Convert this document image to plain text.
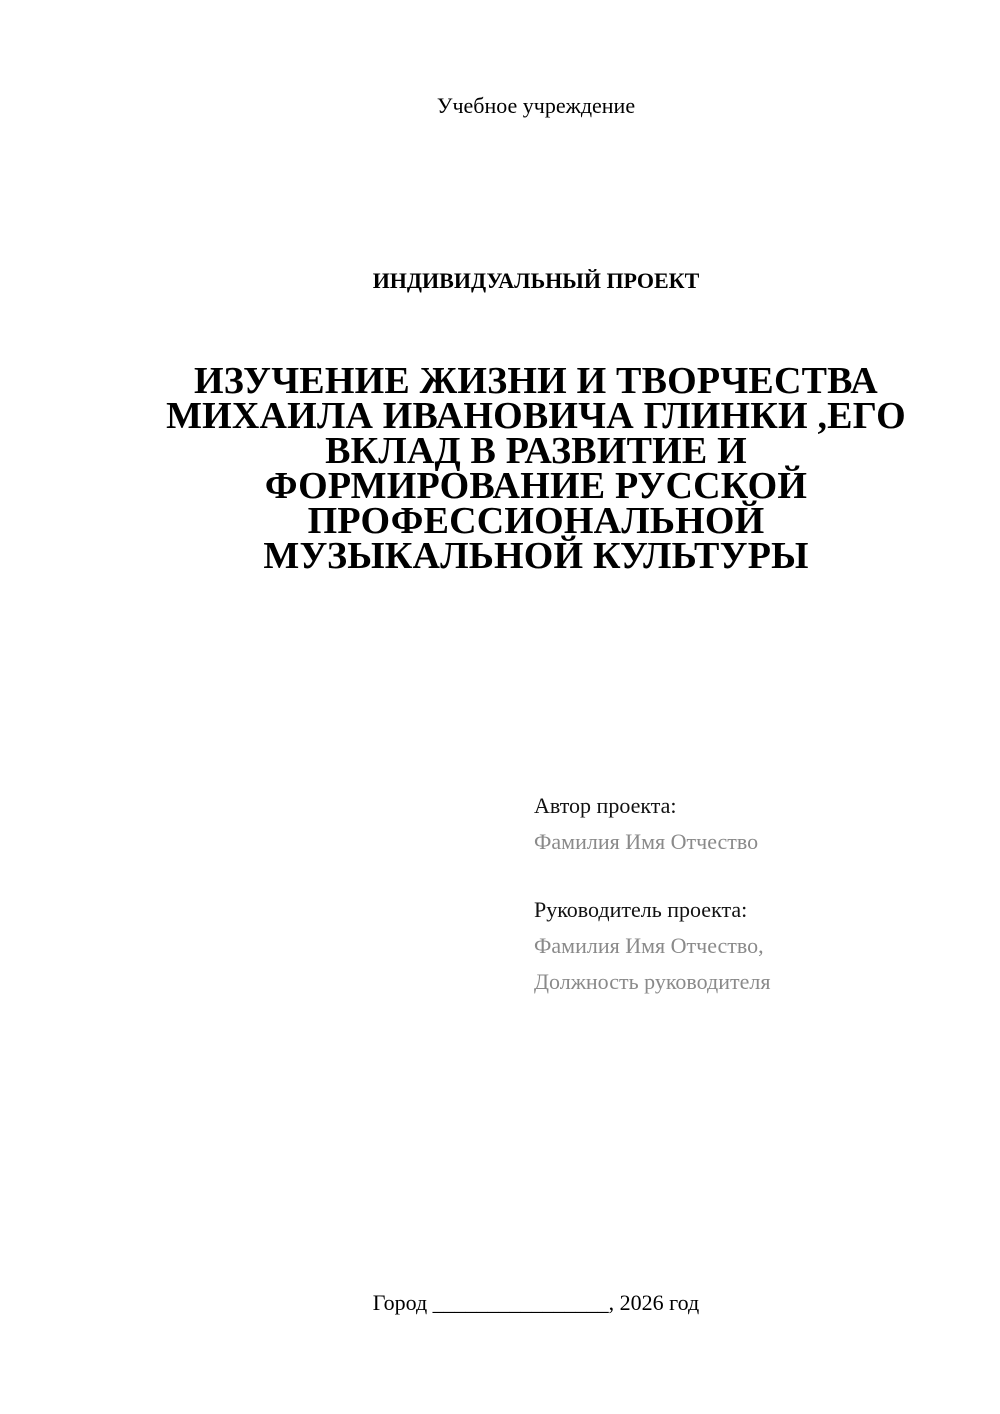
Учебное учреждение
ИНДИВИДУАЛЬНЫЙ ПРОЕКТ
ИЗУЧЕНИЕ ЖИЗНИ И ТВОРЧЕСТВА
МИХАИЛА ИВАНОВИЧА ГЛИНКИ ,ЕГО
ВКЛАД В РАЗВИТИЕ И
ФОРМИРОВАНИЕ РУССКОЙ
ПРОФЕССИОНАЛЬНОЙ
МУЗЫКАЛЬНОЙ КУЛЬТУРЫ
Автор проекта:
Фамилия Имя Отчество
Руководитель проекта:
Фамилия Имя Отчество,
Должность руководителя
Город ________________, 2026 год
